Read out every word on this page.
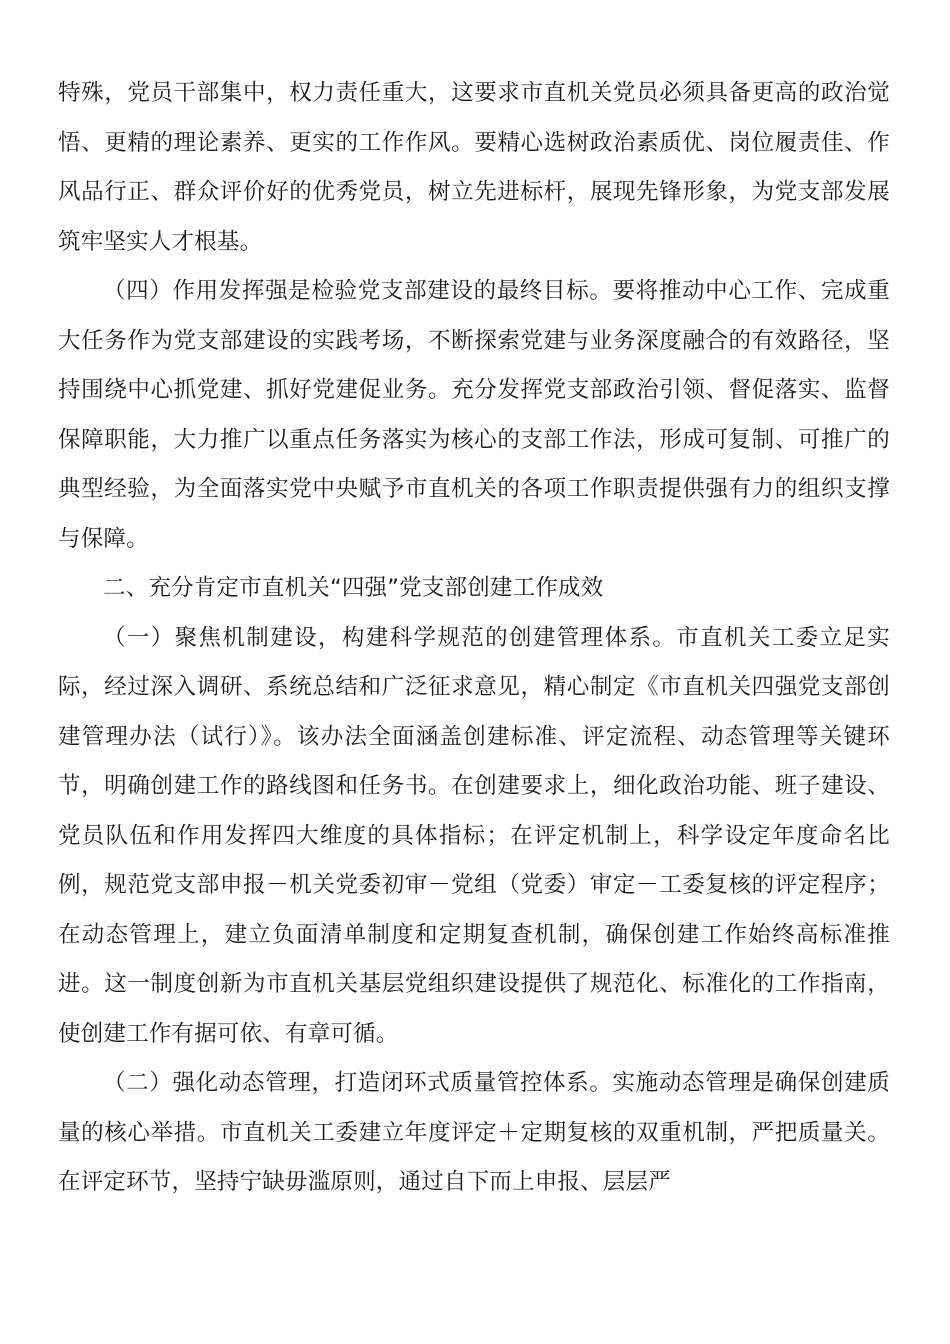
特殊，党员干部集中，权力责任重大，这要求市直机关党员必须具备更高的政治觉悟、更精的理论素养、更实的工作作风。要精心选树政治素质优、岗位履责佳、作风品行正、群众评价好的优秀党员，树立先进标杆，展现先锋形象，为党支部发展筑牢坚实人才根基。

（四）作用发挥强是检验党支部建设的最终目标。要将推动中心工作、完成重大任务作为党支部建设的实践考场，不断探索党建与业务深度融合的有效路径，坚持围绕中心抓党建、抓好党建促业务。充分发挥党支部政治引领、督促落实、监督保障职能，大力推广以重点任务落实为核心的支部工作法，形成可复制、可推广的典型经验，为全面落实党中央赋予市直机关的各项工作职责提供强有力的组织支撑与保障。

二、充分肯定市直机关“四强”党支部创建工作成效

（一）聚焦机制建设，构建科学规范的创建管理体系。市直机关工委立足实际，经过深入调研、系统总结和广泛征求意见，精心制定《市直机关四强党支部创建管理办法（试行）》。该办法全面涵盖创建标准、评定流程、动态管理等关键环节，明确创建工作的路线图和任务书。在创建要求上，细化政治功能、班子建设、党员队伍和作用发挥四大维度的具体指标；在评定机制上，科学设定年度命名比例，规范党支部申报－机关党委初审－党组（党委）审定－工委复核的评定程序；在动态管理上，建立负面清单制度和定期复查机制，确保创建工作始终高标准推进。这一制度创新为市直机关基层党组织建设提供了规范化、标准化的工作指南，使创建工作有据可依、有章可循。

（二）强化动态管理，打造闭环式质量管控体系。实施动态管理是确保创建质量的核心举措。市直机关工委建立年度评定＋定期复核的双重机制，严把质量关。在评定环节，坚持宁缺毋滥原则，通过自下而上申报、层层严
